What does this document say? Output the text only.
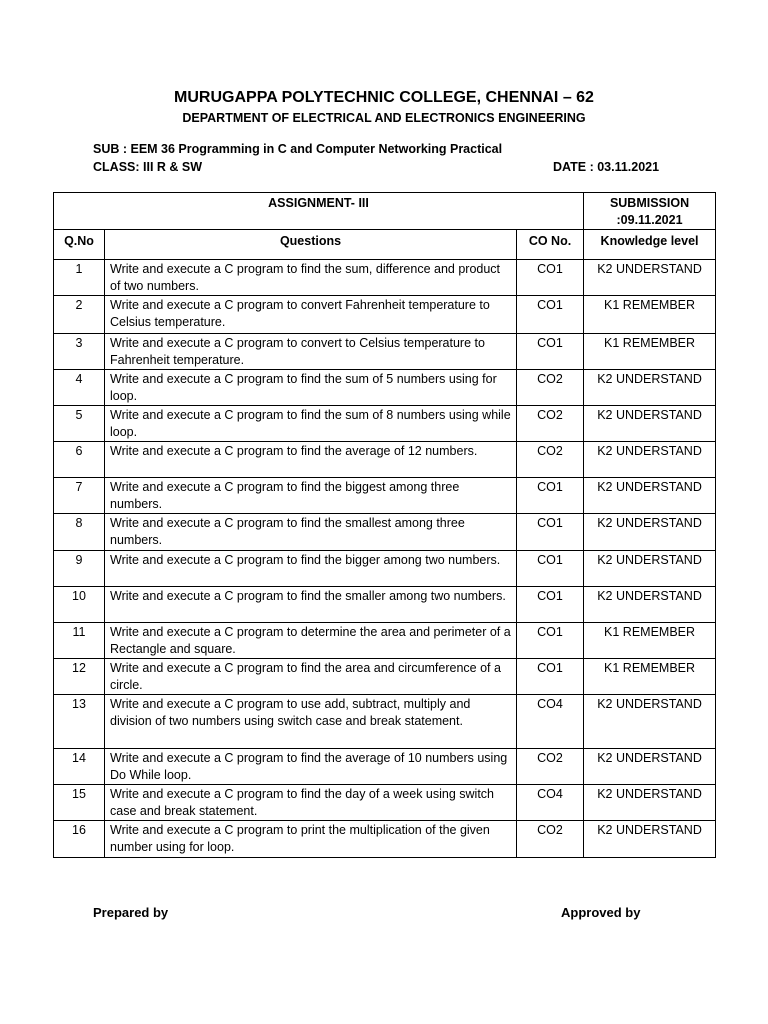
MURUGAPPA POLYTECHNIC COLLEGE, CHENNAI – 62
DEPARTMENT OF ELECTRICAL AND ELECTRONICS ENGINEERING
SUB : EEM 36 Programming in C and Computer Networking Practical
CLASS: III R & SW	DATE : 03.11.2021
ASSIGNMENT- III			SUBMISSION :09.11.2021
Q.No	Questions	CO No.	Knowledge level
1	Write and execute a C program to find the sum, difference and product of two numbers.	CO1	K2 UNDERSTAND
2	Write and execute a C program to convert Fahrenheit temperature to Celsius temperature.	CO1	K1 REMEMBER
3	Write and execute a C program to convert to Celsius temperature to Fahrenheit temperature.	CO1	K1 REMEMBER
4	Write and execute a C program to find the sum of 5 numbers using for loop.	CO2	K2 UNDERSTAND
5	Write and execute a C program to find the sum of 8 numbers using while loop.	CO2	K2 UNDERSTAND
6	Write and execute a C program to find the average of 12 numbers.	CO2	K2 UNDERSTAND
7	Write and execute a C program to find the biggest among three numbers.	CO1	K2 UNDERSTAND
8	Write and execute a C program to find the smallest among three numbers.	CO1	K2 UNDERSTAND
9	Write and execute a C program to find the bigger among two numbers.	CO1	K2 UNDERSTAND
10	Write and execute a C program to find the smaller among two numbers.	CO1	K2 UNDERSTAND
11	Write and execute a C program to determine the area and perimeter of a Rectangle and square.	CO1	K1 REMEMBER
12	Write and execute a C program to find the area and circumference of a circle.	CO1	K1 REMEMBER
13	Write and execute a C program to use add, subtract, multiply and division of two numbers using switch case and break statement.	CO4	K2 UNDERSTAND
14	Write and execute a C program to find the average of 10 numbers using Do While loop.	CO2	K2 UNDERSTAND
15	Write and execute a C program to find the day of a week using switch case and break statement.	CO4	K2 UNDERSTAND
16	Write and execute a C program to print the multiplication of the given number using for loop.	CO2	K2 UNDERSTAND
Prepared by	Approved by
